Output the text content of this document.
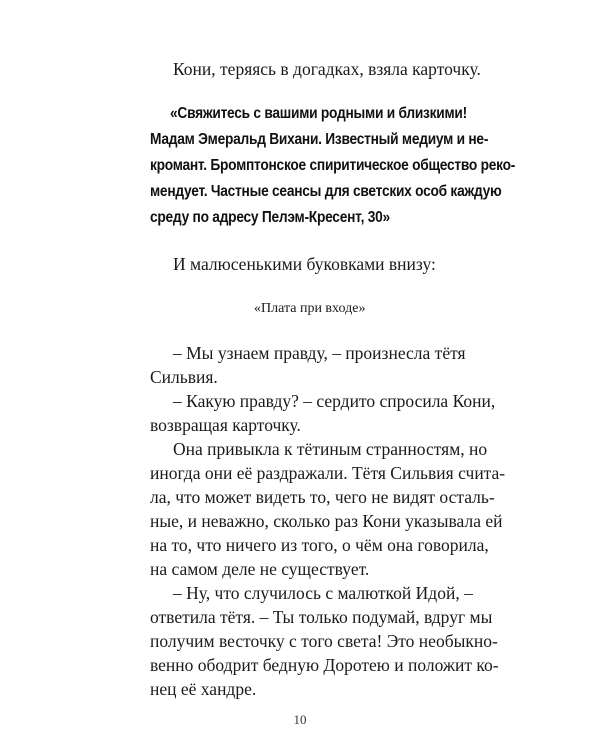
Кони, теряясь в догадках, взяла карточку.
«Свяжитесь с вашими родными и близкими!
Мадам Эмеральд Вихани. Известный медиум и не-
кромант. Бромптонское спиритическое общество реко-
мендует. Частные сеансы для светских особ каждую
среду по адресу Пелэм-Кресент, 30»
И малюсенькими буковками внизу:
«Плата при входе»
– Мы узнаем правду, – произнесла тётя
Сильвия.
– Какую правду? – сердито спросила Кони,
возвращая карточку.
Она привыкла к тётиным странностям, но
иногда они её раздражали. Тётя Сильвия счита-
ла, что может видеть то, чего не видят осталь-
ные, и неважно, сколько раз Кони указывала ей
на то, что ничего из того, о чём она говорила,
на самом деле не существует.
– Ну, что случилось с малюткой Идой, –
ответила тётя. – Ты только подумай, вдруг мы
получим весточку с того света! Это необыкно-
венно ободрит бедную Доротею и положит ко-
нец её хандре.
10
